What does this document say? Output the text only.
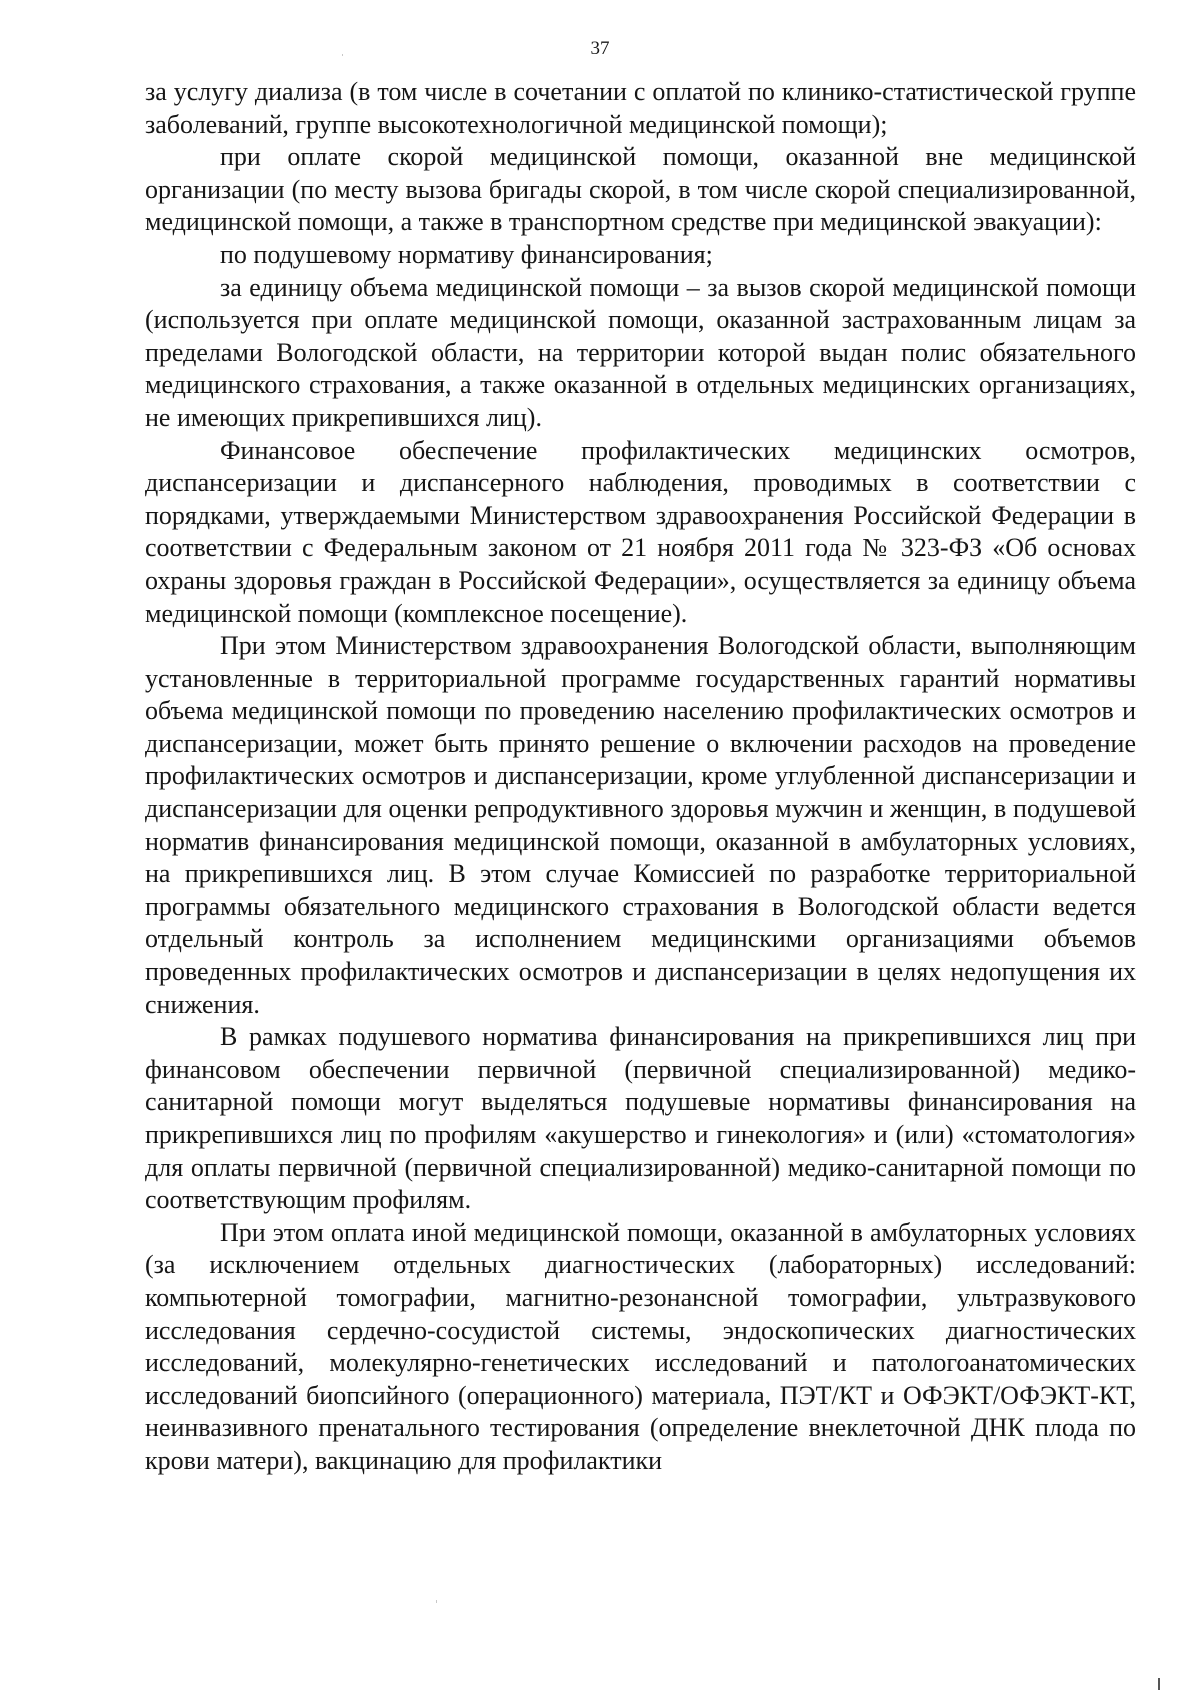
37

за услугу диализа (в том числе в сочетании с оплатой по клинико-статистической группе заболеваний, группе высокотехнологичной медицинской помощи);

при оплате скорой медицинской помощи, оказанной вне медицинской организации (по месту вызова бригады скорой, в том числе скорой специализированной, медицинской помощи, а также в транспортном средстве при медицинской эвакуации):

по подушевому нормативу финансирования;

за единицу объема медицинской помощи – за вызов скорой медицинской помощи (используется при оплате медицинской помощи, оказанной застрахованным лицам за пределами Вологодской области, на территории которой выдан полис обязательного медицинского страхования, а также оказанной в отдельных медицинских организациях, не имеющих прикрепившихся лиц).

Финансовое обеспечение профилактических медицинских осмотров, диспансеризации и диспансерного наблюдения, проводимых в соответствии с порядками, утверждаемыми Министерством здравоохранения Российской Федерации в соответствии с Федеральным законом от 21 ноября 2011 года № 323-ФЗ «Об основах охраны здоровья граждан в Российской Федерации», осуществляется за единицу объема медицинской помощи (комплексное посещение).

При этом Министерством здравоохранения Вологодской области, выполняющим установленные в территориальной программе государственных гарантий нормативы объема медицинской помощи по проведению населению профилактических осмотров и диспансеризации, может быть принято решение о включении расходов на проведение профилактических осмотров и диспансеризации, кроме углубленной диспансеризации и диспансеризации для оценки репродуктивного здоровья мужчин и женщин, в подушевой норматив финансирования медицинской помощи, оказанной в амбулаторных условиях, на прикрепившихся лиц. В этом случае Комиссией по разработке территориальной программы обязательного медицинского страхования в Вологодской области ведется отдельный контроль за исполнением медицинскими организациями объемов проведенных профилактических осмотров и диспансеризации в целях недопущения их снижения.

В рамках подушевого норматива финансирования на прикрепившихся лиц при финансовом обеспечении первичной (первичной специализированной) медико-санитарной помощи могут выделяться подушевые нормативы финансирования на прикрепившихся лиц по профилям «акушерство и гинекология» и (или) «стоматология» для оплаты первичной (первичной специализированной) медико-санитарной помощи по соответствующим профилям.

При этом оплата иной медицинской помощи, оказанной в амбулаторных условиях (за исключением отдельных диагностических (лабораторных) исследований: компьютерной томографии, магнитно-резонансной томографии, ультразвукового исследования сердечно-сосудистой системы, эндоскопических диагностических исследований, молекулярно-генетических исследований и патологоанатомических исследований биопсийного (операционного) материала, ПЭТ/КТ и ОФЭКТ/ОФЭКТ-КТ, неинвазивного пренатального тестирования (определение внеклеточной ДНК плода по крови матери), вакцинацию для профилактики
